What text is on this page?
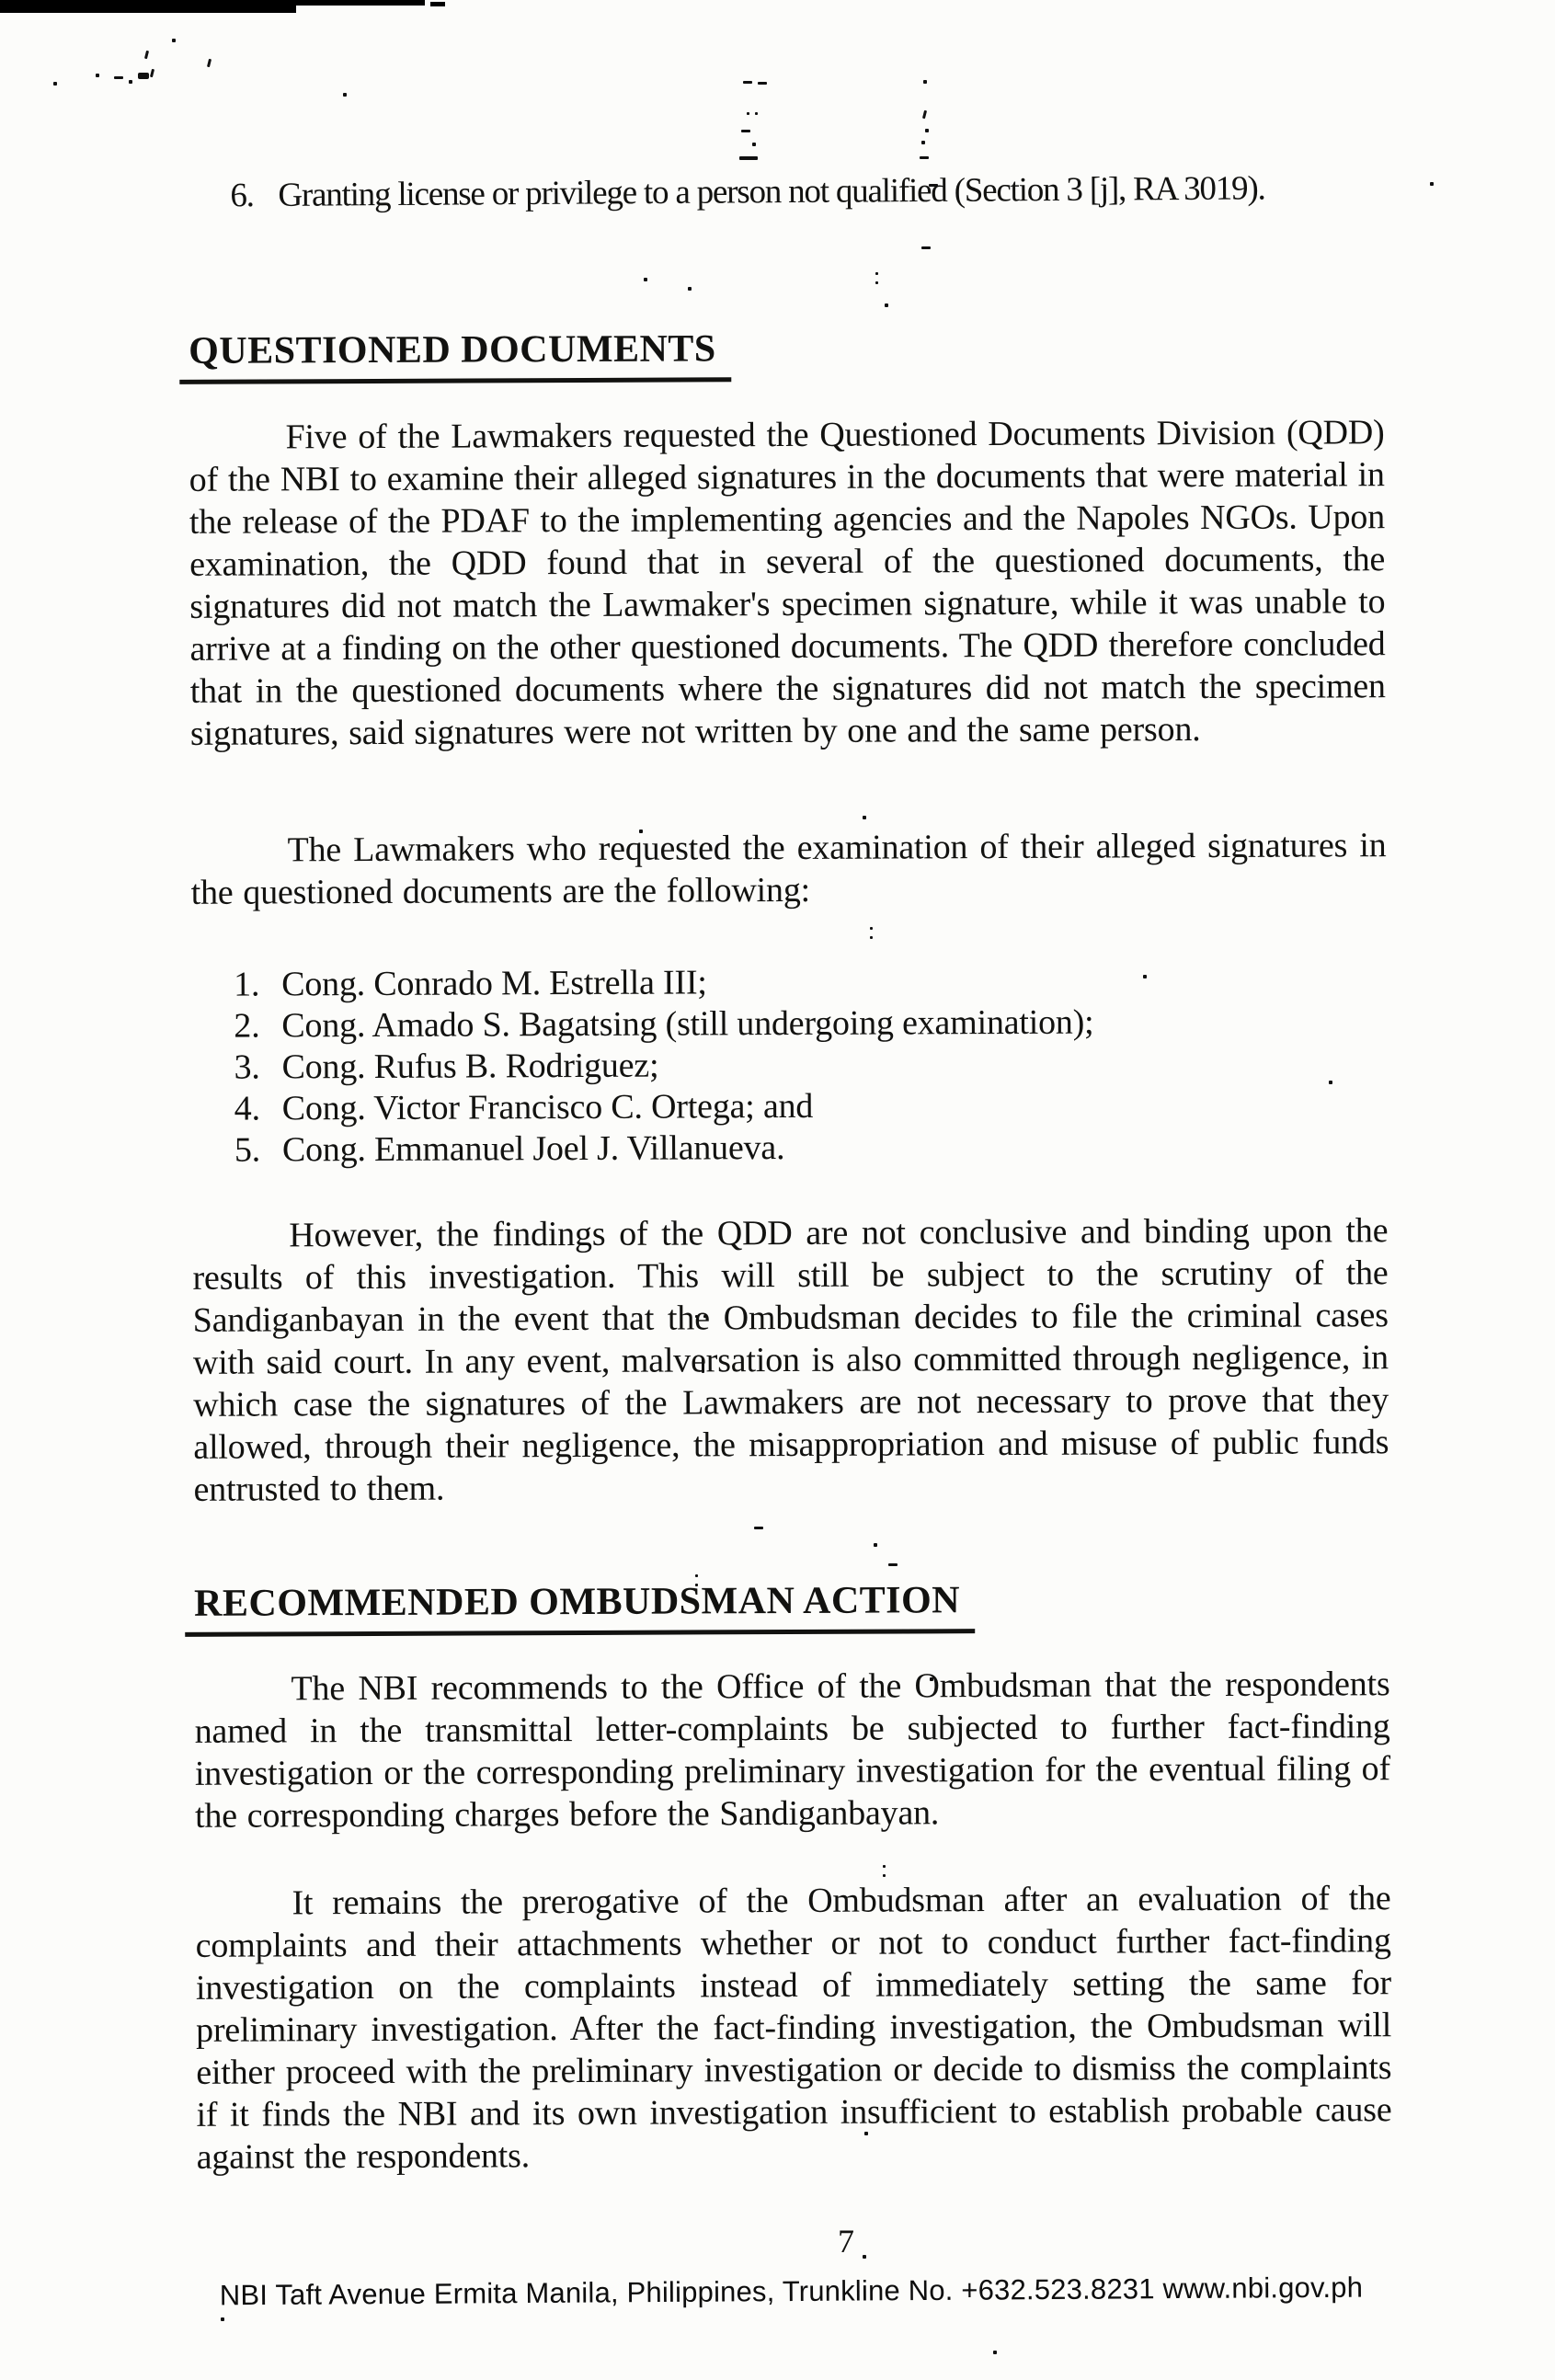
6. Granting license or privilege to a person not qualified (Section 3 [j], RA 3019).
QUESTIONED DOCUMENTS

Five of the Lawmakers requested the Questioned Documents Division (QDD) of the NBI to examine their alleged signatures in the documents that were material in the release of the PDAF to the implementing agencies and the Napoles NGOs. Upon examination, the QDD found that in several of the questioned documents, the signatures did not match the Lawmaker's specimen signature, while it was unable to arrive at a finding on the other questioned documents. The QDD therefore concluded that in the questioned documents where the signatures did not match the specimen signatures, said signatures were not written by one and the same person.

The Lawmakers who requested the examination of their alleged signatures in the questioned documents are the following:

1. Cong. Conrado M. Estrella III;
2. Cong. Amado S. Bagatsing (still undergoing examination);
3. Cong. Rufus B. Rodriguez;
4. Cong. Victor Francisco C. Ortega; and
5. Cong. Emmanuel Joel J. Villanueva.

However, the findings of the QDD are not conclusive and binding upon the results of this investigation. This will still be subject to the scrutiny of the Sandiganbayan in the event that the Ombudsman decides to file the criminal cases with said court. In any event, malversation is also committed through negligence, in which case the signatures of the Lawmakers are not necessary to prove that they allowed, through their negligence, the misappropriation and misuse of public funds entrusted to them.

RECOMMENDED OMBUDSMAN ACTION

The NBI recommends to the Office of the Ombudsman that the respondents named in the transmittal letter-complaints be subjected to further fact-finding investigation or the corresponding preliminary investigation for the eventual filing of the corresponding charges before the Sandiganbayan.

It remains the prerogative of the Ombudsman after an evaluation of the complaints and their attachments whether or not to conduct further fact-finding investigation on the complaints instead of immediately setting the same for preliminary investigation. After the fact-finding investigation, the Ombudsman will either proceed with the preliminary investigation or decide to dismiss the complaints if it finds the NBI and its own investigation insufficient to establish probable cause against the respondents.

7
NBI Taft Avenue Ermita Manila, Philippines, Trunkline No. +632.523.8231 www.nbi.gov.ph
